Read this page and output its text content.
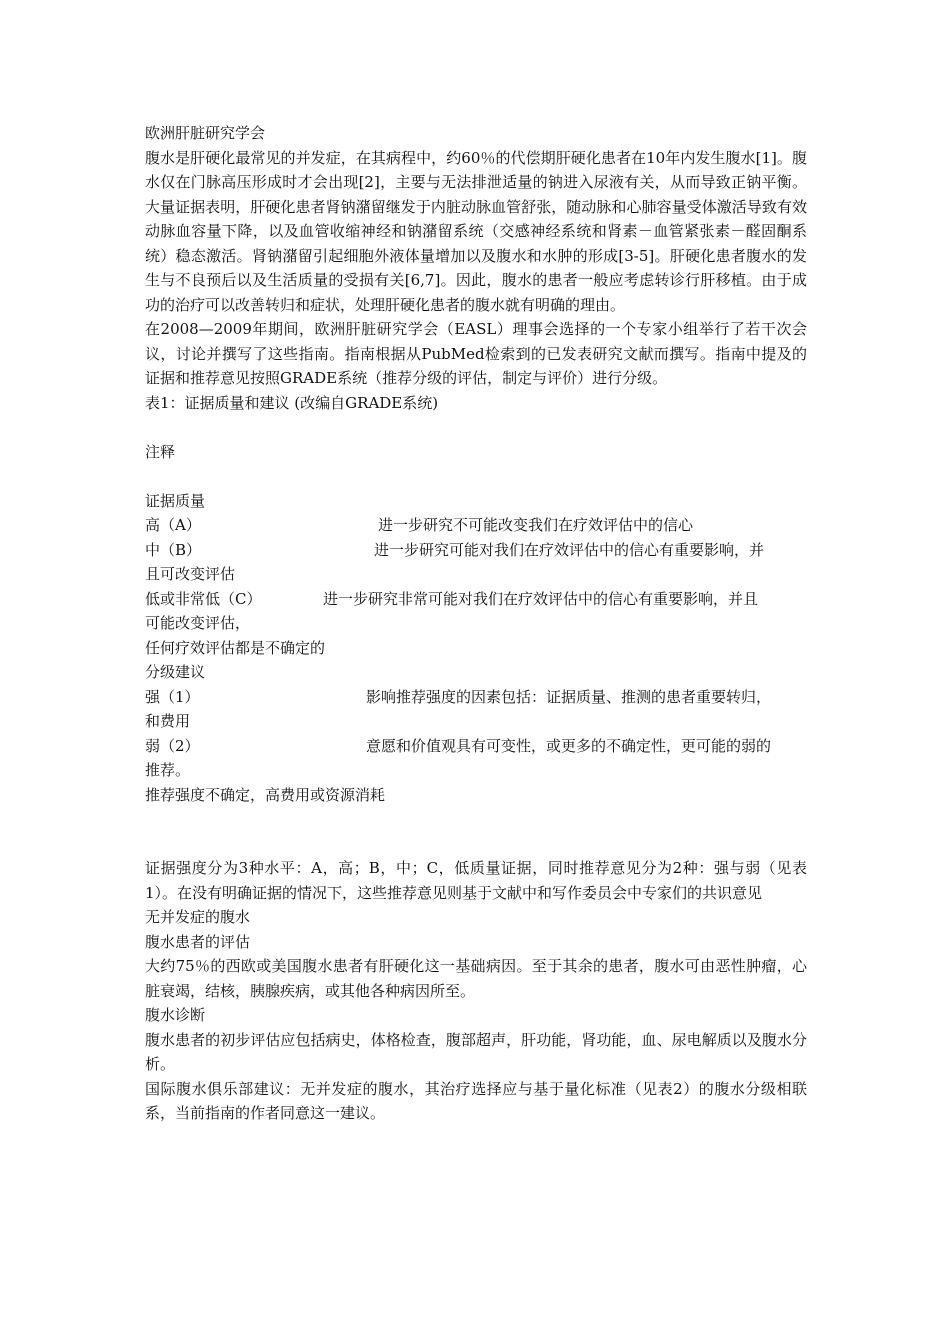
欧洲肝脏研究学会

腹水是肝硬化最常见的并发症，在其病程中，约60％的代偿期肝硬化患者在10年内发生腹水[1]。腹水仅在门脉高压形成时才会出现[2]，主要与无法排泄适量的钠进入尿液有关，从而导致正钠平衡。大量证据表明，肝硬化患者肾钠潴留继发于内脏动脉血管舒张，随动脉和心肺容量受体激活导致有效动脉血容量下降，以及血管收缩神经和钠潴留系统（交感神经系统和肾素－血管紧张素－醛固酮系统）稳态激活。肾钠潴留引起细胞外液体量增加以及腹水和水肿的形成[3-5]。肝硬化患者腹水的发生与不良预后以及生活质量的受损有关[6,7]。因此，腹水的患者一般应考虑转诊行肝移植。由于成功的治疗可以改善转归和症状，处理肝硬化患者的腹水就有明确的理由。

在2008—2009年期间，欧洲肝脏研究学会（EASL）理事会选择的一个专家小组举行了若干次会议，讨论并撰写了这些指南。指南根据从PubMed检索到的已发表研究文献而撰写。指南中提及的证据和推荐意见按照GRADE系统（推荐分级的评估，制定与评价）进行分级。

表1：证据质量和建议 (改编自GRADE系统)

注释

证据质量

高（A）	进一步研究不可能改变我们在疗效评估中的信心
中（B）	进一步研究可能对我们在疗效评估中的信心有重要影响，并

且可改变评估

低或非常低（C）	进一步研究非常可能对我们在疗效评估中的信心有重要影响，并且

可能改变评估，

任何疗效评估都是不确定的

分级建议

强（1）	影响推荐强度的因素包括：证据质量、推测的患者重要转归，

和费用

弱（2）	意愿和价值观具有可变性，或更多的不确定性，更可能的弱的

推荐。

推荐强度不确定，高费用或资源消耗

证据强度分为3种水平：A，高；B，中；C，低质量证据，同时推荐意见分为2种：强与弱（见表1）。在没有明确证据的情况下，这些推荐意见则基于文献中和写作委员会中专家们的共识意见

无并发症的腹水

腹水患者的评估

大约75％的西欧或美国腹水患者有肝硬化这一基础病因。至于其余的患者，腹水可由恶性肿瘤，心脏衰竭，结核，胰腺疾病，或其他各种病因所至。

腹水诊断

腹水患者的初步评估应包括病史，体格检查，腹部超声，肝功能，肾功能，血、尿电解质以及腹水分析。

国际腹水俱乐部建议：无并发症的腹水，其治疗选择应与基于量化标准（见表2）的腹水分级相联系，当前指南的作者同意这一建议。
